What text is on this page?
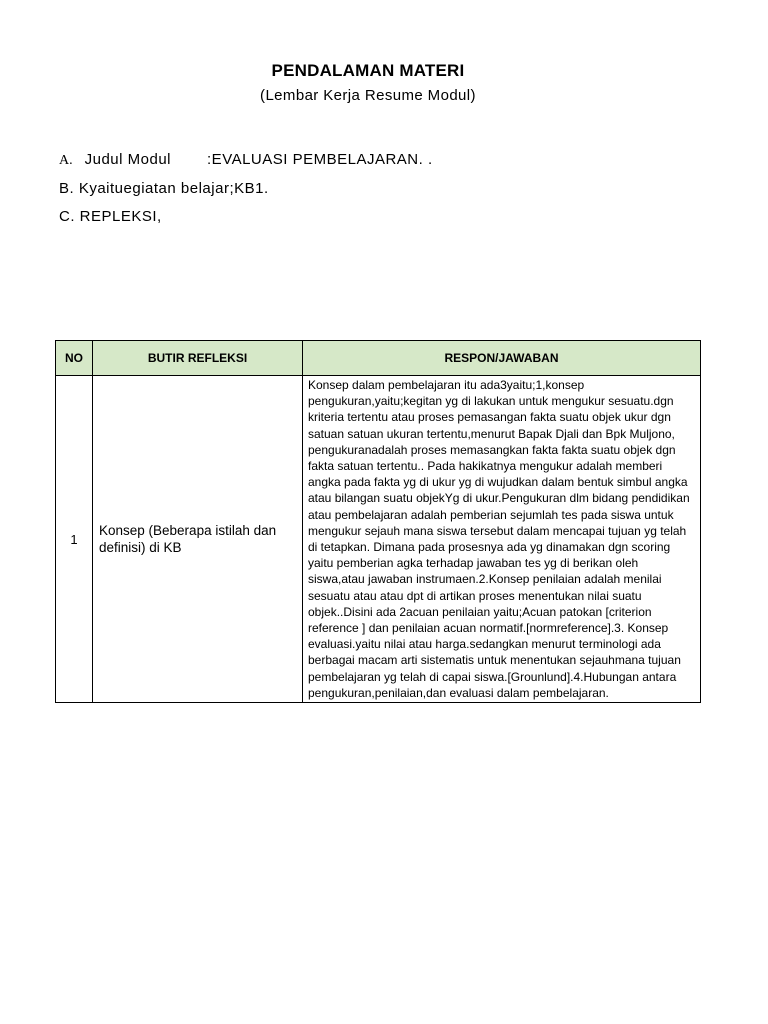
PENDALAMAN MATERI
(Lembar Kerja Resume Modul)
A. Judul Modul :EVALUASI PEMBELAJARAN. .
B. Kyaituegiatan belajar;KB1.
C. REPLEKSI,
NO	BUTIR REFLEKSI	RESPON/JAWABAN
1	Konsep (Beberapa istilah dan definisi) di KB	Konsep dalam pembelajaran itu ada3yaitu;1,konsep pengukuran,yaitu;kegitan yg di lakukan untuk mengukur sesuatu.dgn kriteria tertentu atau proses pemasangan fakta suatu objek ukur dgn satuan satuan ukuran tertentu,menurut Bapak Djali dan Bpk Muljono, pengukuranadalah proses memasangkan fakta fakta suatu objek dgn fakta satuan tertentu.. Pada hakikatnya mengukur adalah memberi angka pada fakta yg di ukur yg di wujudkan dalam bentuk simbul angka atau bilangan suatu objekYg di ukur.Pengukuran dlm bidang pendidikan atau pembelajaran adalah pemberian sejumlah tes pada siswa untuk mengukur sejauh mana siswa tersebut dalam mencapai tujuan yg telah di tetapkan. Dimana pada prosesnya ada yg dinamakan dgn scoring yaitu pemberian agka terhadap jawaban tes yg di berikan oleh siswa,atau jawaban instrumaen.2.Konsep penilaian adalah menilai sesuatu atau atau dpt di artikan proses menentukan nilai suatu objek..Disini ada 2acuan penilaian yaitu;Acuan patokan [criterion reference ] dan penilaian acuan normatif.[normreference].3. Konsep evaluasi.yaitu nilai atau harga.sedangkan menurut terminologi ada berbagai macam arti sistematis untuk menentukan sejauhmana tujuan pembelajaran yg telah di capai siswa.[Grounlund].4.Hubungan antara pengukuran,penilaian,dan evaluasi dalam pembelajaran.
